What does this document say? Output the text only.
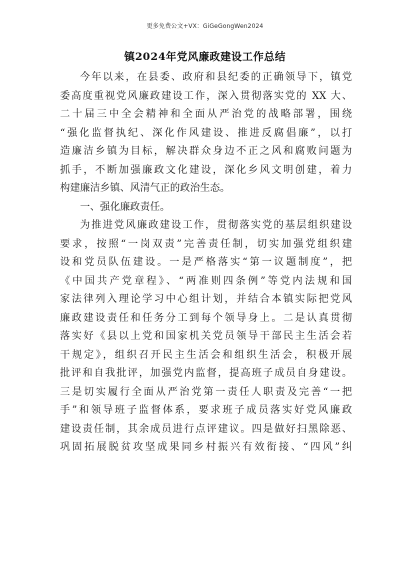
更多免费公文+VX：GiGeGongWen2024
镇2024年党风廉政建设工作总结
今年以来，在县委、政府和县纪委的正确领导下，镇党
委高度重视党风廉政建设工作，深入贯彻落实党的 XX 大、
二十届三中全会精神和全面从严治党的战略部署，围绕
“强化监督执纪、深化作风建设、推进反腐倡廉”，以打
造廉洁乡镇为目标，解决群众身边不正之风和腐败问题为
抓手，不断加强廉政文化建设，深化乡风文明创建，着力
构建廉洁乡镇、风清气正的政治生态。
一、强化廉政责任。
为推进党风廉政建设工作，贯彻落实党的基层组织建设
要求，按照“一岗双责”完善责任制，切实加强党组织建
设和党员队伍建设。一是严格落实“第一议题制度”，把
《中国共产党章程》、“两准则四条例”等党内法规和国
家法律列入理论学习中心组计划，并结合本镇实际把党风
廉政建设责任和任务分工到每个领导身上。二是认真贯彻
落实好《县以上党和国家机关党员领导干部民主生活会若
干规定》，组织召开民主生活会和组织生活会，积极开展
批评和自我批评，加强党内监督，提高班子成员自身建设。
三是切实履行全面从严治党第一责任人职责及完善“一把
手”和领导班子监督体系，要求班子成员落实好党风廉政
建设责任制，其余成员进行点评建议。四是做好扫黑除恶、
巩固拓展脱贫攻坚成果同乡村振兴有效衔接、“四风”纠
